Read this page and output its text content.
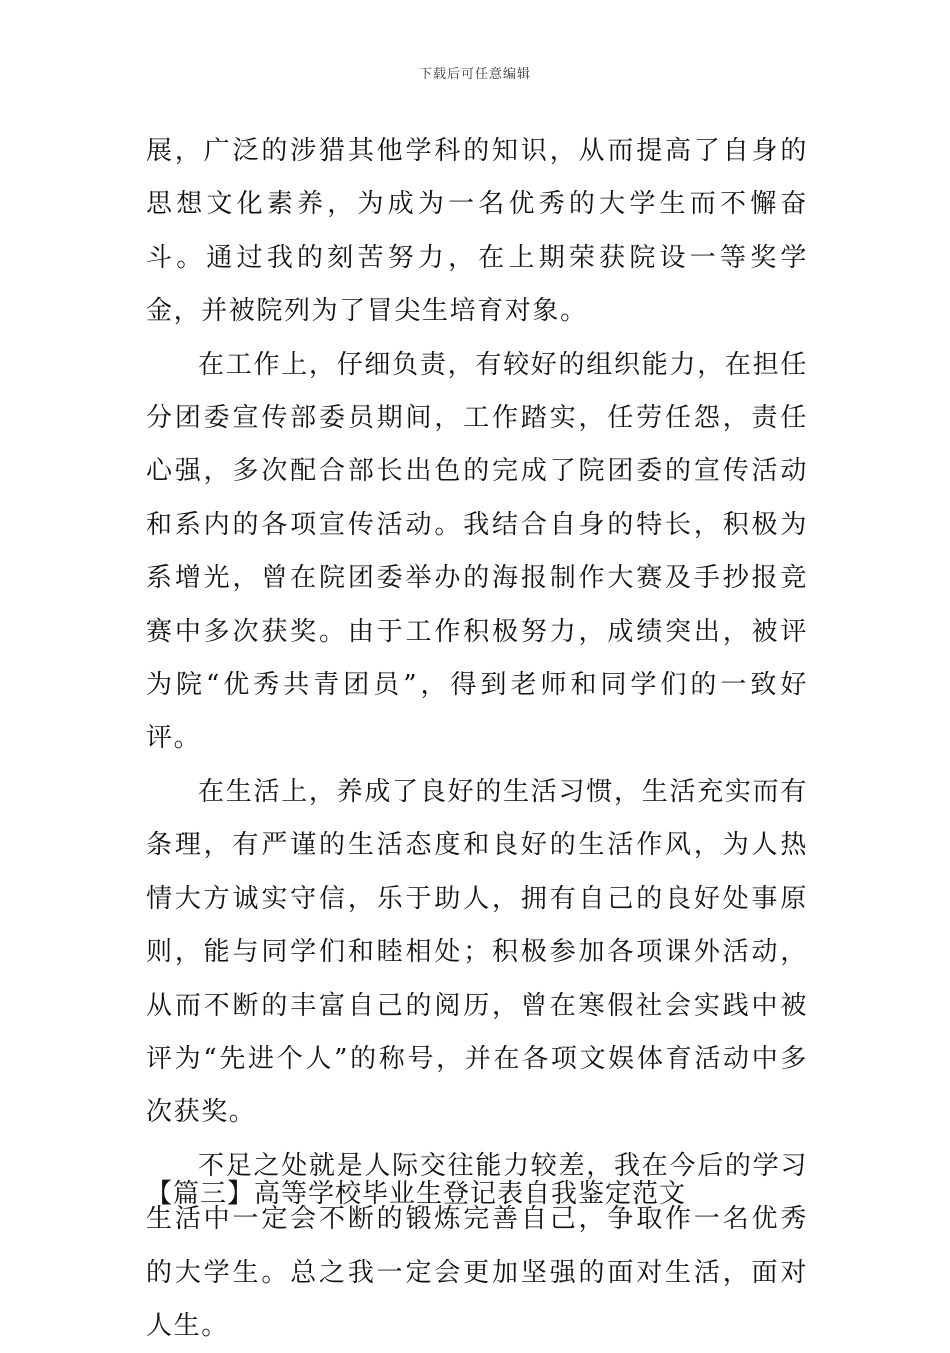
下载后可任意编辑

展，广泛的涉猎其他学科的知识，从而提高了自身的思想文化素养，为成为一名优秀的大学生而不懈奋斗。通过我的刻苦努力，在上期荣获院设一等奖学金，并被院列为了冒尖生培育对象。

在工作上，仔细负责，有较好的组织能力，在担任分团委宣传部委员期间，工作踏实，任劳任怨，责任心强，多次配合部长出色的完成了院团委的宣传活动和系内的各项宣传活动。我结合自身的特长，积极为系增光，曾在院团委举办的海报制作大赛及手抄报竞赛中多次获奖。由于工作积极努力，成绩突出，被评为院“优秀共青团员”，得到老师和同学们的一致好评。

在生活上，养成了良好的生活习惯，生活充实而有条理，有严谨的生活态度和良好的生活作风，为人热情大方诚实守信，乐于助人，拥有自己的良好处事原则，能与同学们和睦相处；积极参加各项课外活动，从而不断的丰富自己的阅历，曾在寒假社会实践中被评为“先进个人”的称号，并在各项文娱体育活动中多次获奖。

不足之处就是人际交往能力较差，我在今后的学习生活中一定会不断的锻炼完善自己，争取作一名优秀的大学生。总之我一定会更加坚强的面对生活，面对人生。

【篇三】高等学校毕业生登记表自我鉴定范文
